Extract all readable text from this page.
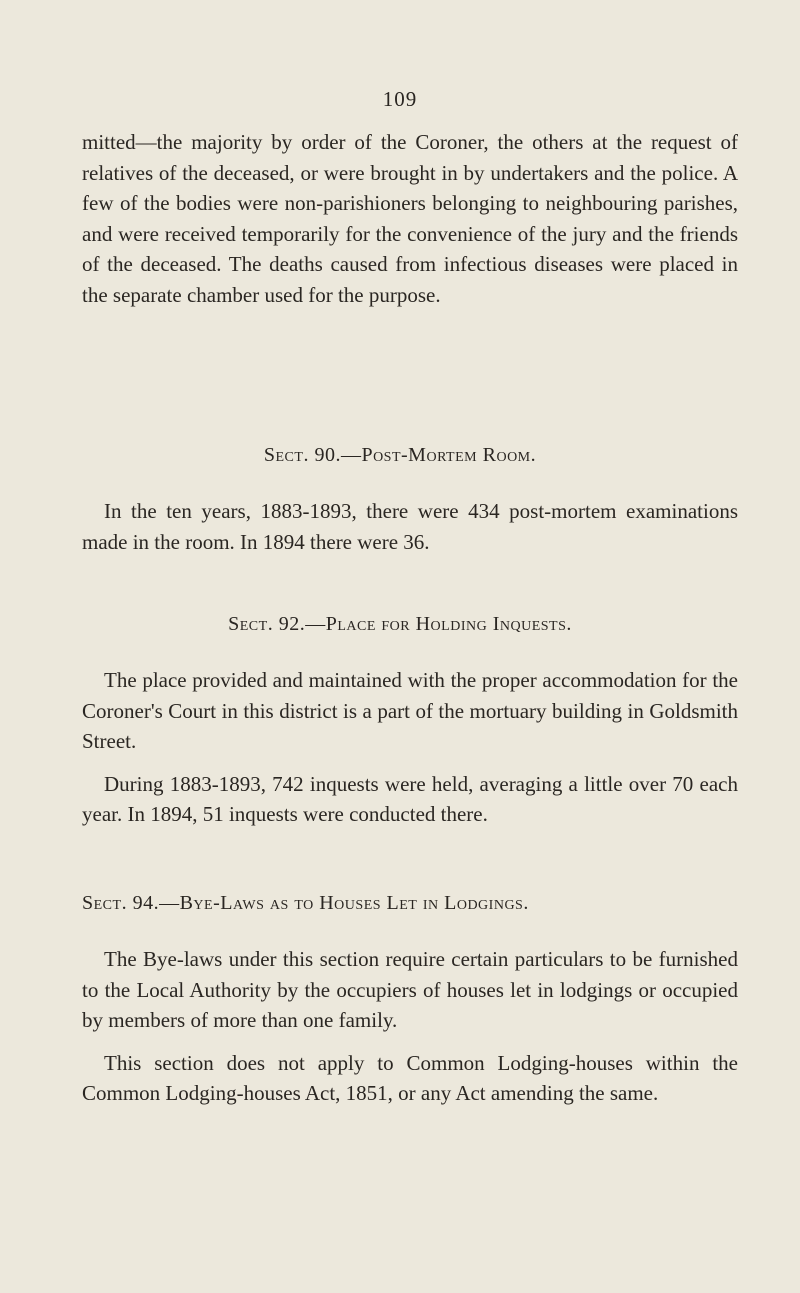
109

mitted—the majority by order of the Coroner, the others at the request of relatives of the deceased, or were brought in by undertakers and the police. A few of the bodies were non-parishioners belonging to neighbouring parishes, and were received temporarily for the convenience of the jury and the friends of the deceased. The deaths caused from infectious diseases were placed in the separate chamber used for the purpose.

Sect. 90.—Post-Mortem Room.

In the ten years, 1883-1893, there were 434 post-mortem examinations made in the room. In 1894 there were 36.

Sect. 92.—Place for Holding Inquests.

The place provided and maintained with the proper accommodation for the Coroner's Court in this district is a part of the mortuary building in Goldsmith Street.

During 1883-1893, 742 inquests were held, averaging a little over 70 each year. In 1894, 51 inquests were conducted there.

Sect. 94.—Bye-Laws as to Houses Let in Lodgings.

The Bye-laws under this section require certain particulars to be furnished to the Local Authority by the occupiers of houses let in lodgings or occupied by members of more than one family.

This section does not apply to Common Lodging-houses within the Common Lodging-houses Act, 1851, or any Act amending the same.
